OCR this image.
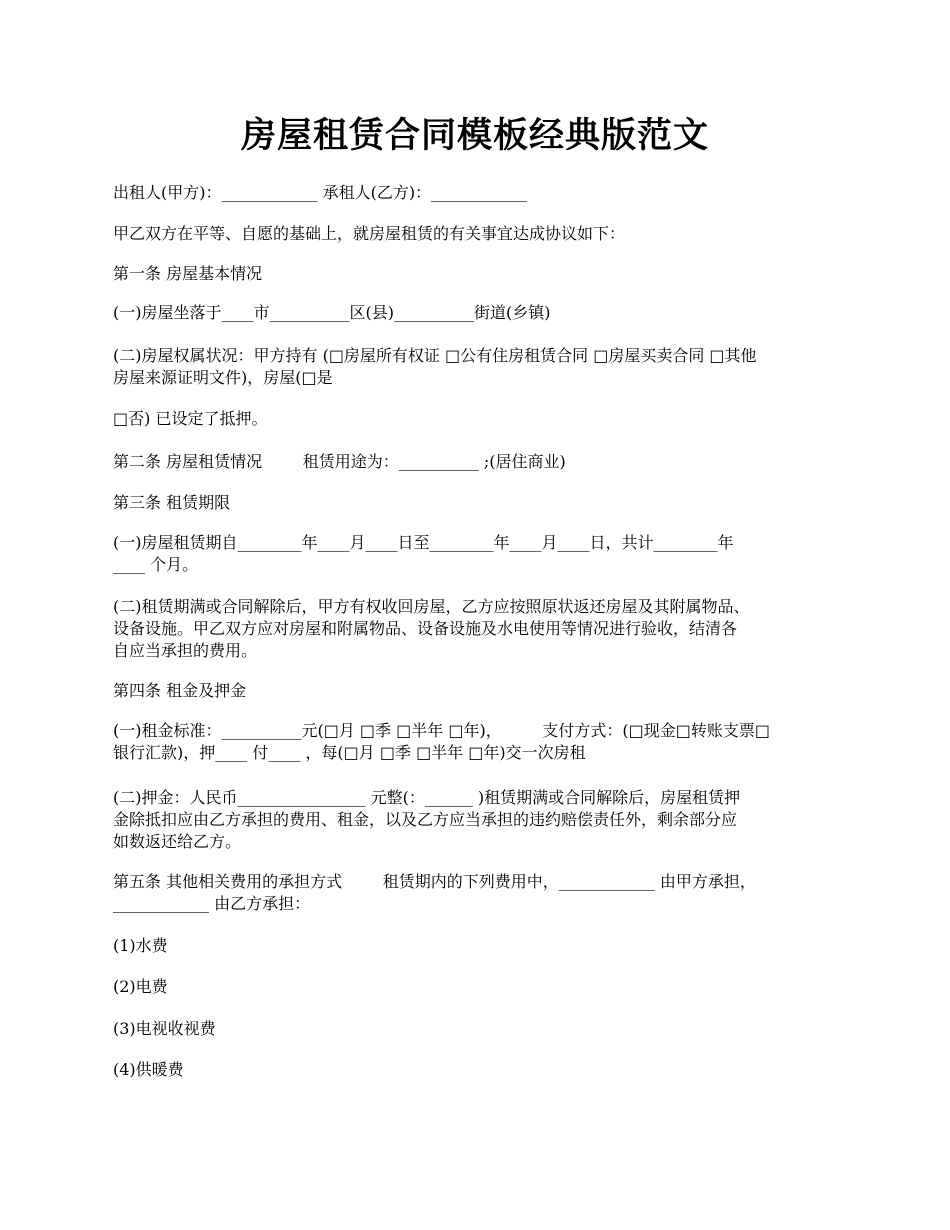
房屋租赁合同模板经典版范文

出租人(甲方)：____________ 承租人(乙方)：____________

甲乙双方在平等、自愿的基础上，就房屋租赁的有关事宜达成协议如下：

第一条 房屋基本情况

(一)房屋坐落于____市__________区(县)__________街道(乡镇)

(二)房屋权属状况：甲方持有 (□房屋所有权证 □公有住房租赁合同 □房屋买卖合同 □其他
房屋来源证明文件)，房屋(□是

□否) 已设定了抵押。

第二条 房屋租赁情况        租赁用途为：__________ ;(居住商业)

第三条 租赁期限

(一)房屋租赁期自________年____月____日至________年____月____日，共计________年
____ 个月。

(二)租赁期满或合同解除后，甲方有权收回房屋，乙方应按照原状返还房屋及其附属物品、
设备设施。甲乙双方应对房屋和附属物品、设备设施及水电使用等情况进行验收，结清各
自应当承担的费用。

第四条 租金及押金

(一)租金标准：__________元(□月 □季 □半年 □年)，        支付方式：(□现金□转账支票□
银行汇款)，押____ 付____ ，每(□月 □季 □半年 □年)交一次房租

(二)押金：人民币________________ 元整(：______ )租赁期满或合同解除后，房屋租赁押
金除抵扣应由乙方承担的费用、租金，以及乙方应当承担的违约赔偿责任外，剩余部分应
如数返还给乙方。

第五条 其他相关费用的承担方式        租赁期内的下列费用中，____________ 由甲方承担，
____________ 由乙方承担：

(1)水费

(2)电费

(3)电视收视费

(4)供暖费
